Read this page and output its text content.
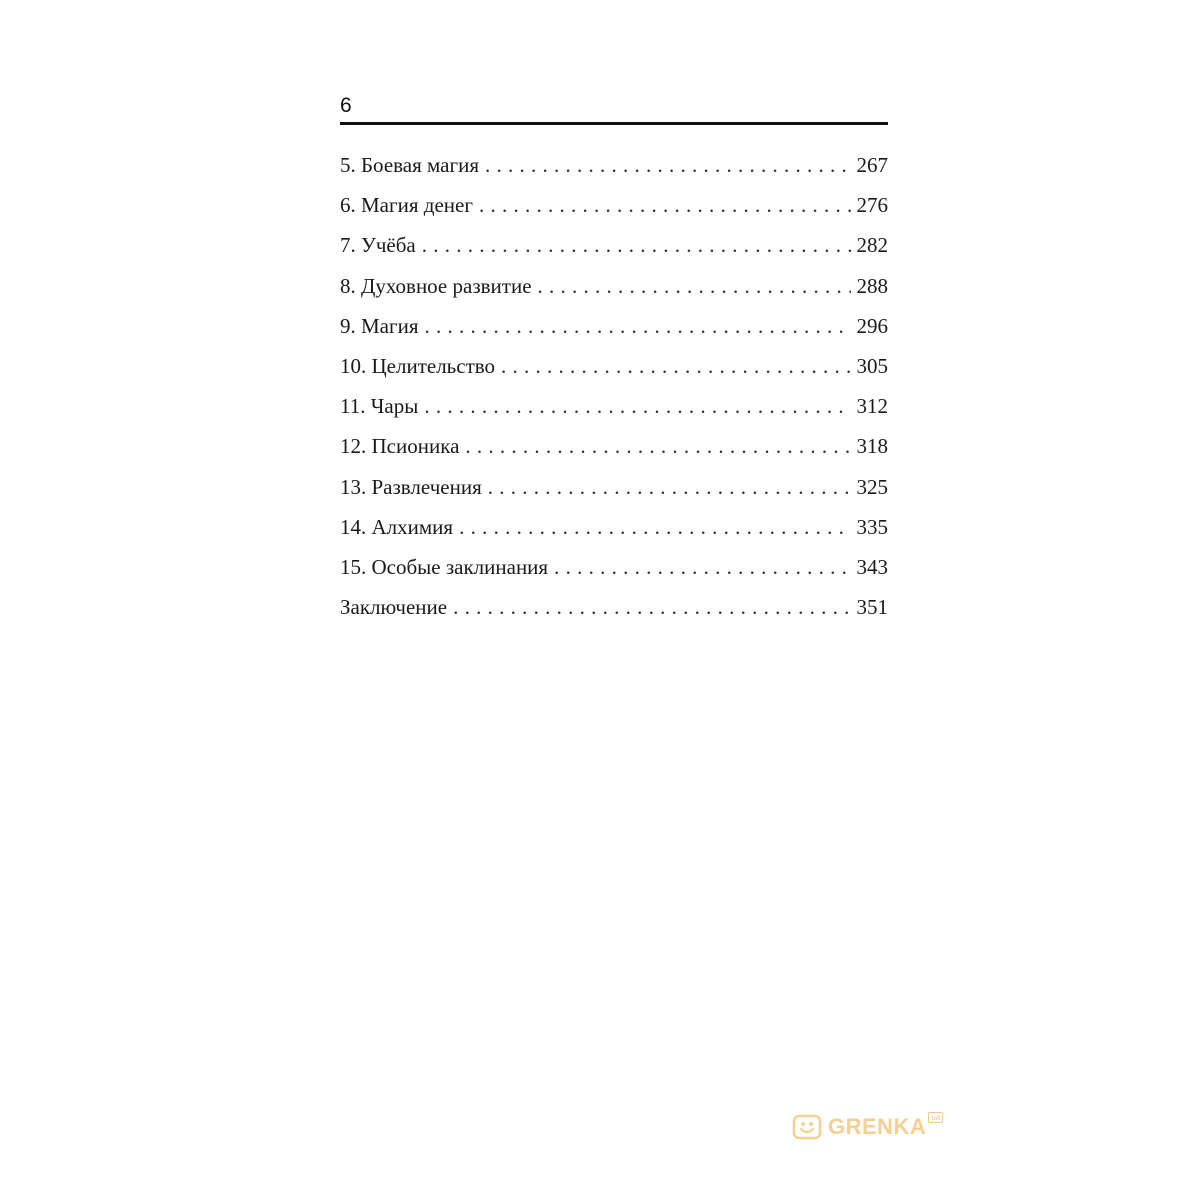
6
5. Боевая магия . . .	267
6. Магия денег . . .	276
7. Учёба . . .	282
8. Духовное развитие . . .	288
9. Магия . . .	296
10. Целительство . . .	305
11. Чары . . .	312
12. Псионика . . .	318
13. Развлечения . . .	325
14. Алхимия . . .	335
15. Особые заклинания . . .	343
Заключение . . .	351
GRENKA ua
